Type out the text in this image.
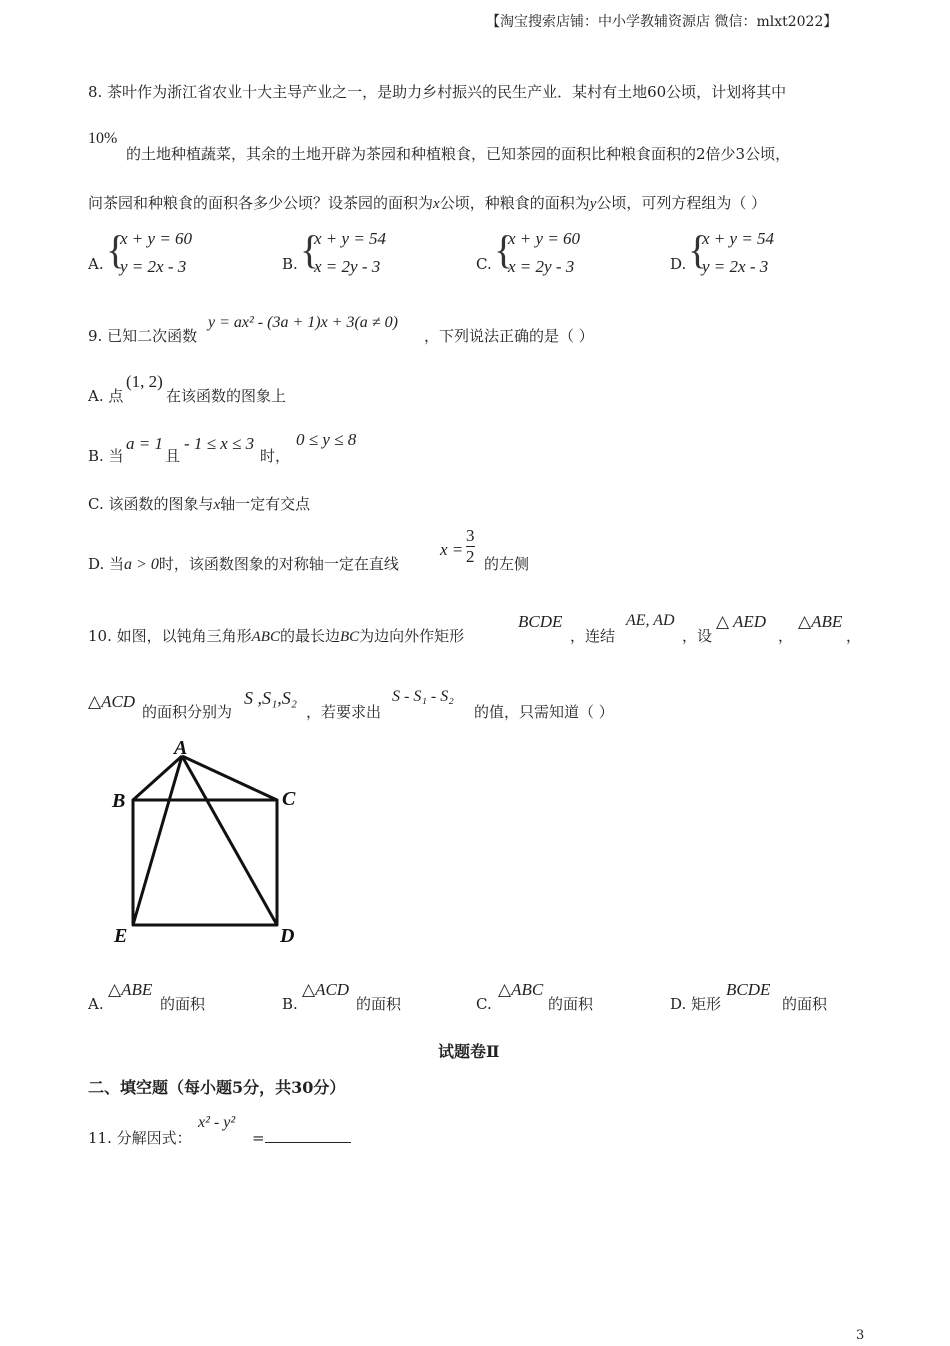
【淘宝搜索店铺：中小学教辅资源店 微信：mlxt2022】
8. 茶叶作为浙江省农业十大主导产业之一，是助力乡村振兴的民生产业．某村有土地60公顷，计划将其中
10%
的土地种植蔬菜，其余的土地开辟为茶园和种植粮食，已知茶园的面积比种粮食面积的2倍少3公顷，
问茶园和种粮食的面积各多少公顷？设茶园的面积为x公顷，种粮食的面积为y公顷，可列方程组为（ ）
A. {
x + y = 60
y = 2x - 3	B. {
x + y = 54
x = 2y - 3	C. {
x + y = 60
x = 2y - 3	D. {
x + y = 54
y = 2x - 3
9. 已知二次函数
y = ax² - (3a + 1)x + 3(a ≠ 0)
，下列说法正确的是（ ）
A. 点
(1, 2)
在该函数的图象上
B. 当
a = 1
且
- 1 ≤ x ≤ 3
时，
0 ≤ y ≤ 8
C. 该函数的图象与x轴一定有交点
D. 当a > 0时，该函数图象的对称轴一定在直线
$x = \frac{3}{2}$ 的左侧
10. 如图，以钝角三角形ABC的最长边BC为边向外作矩形
BCDE
，连结
AE, AD
，设
△ AED
，
△ABE
，
△ACD
的面积分别为
S ,S₁,S₂
，若要求出
S - S₁ - S₂
的值，只需知道（ ）
A
B	C
D
E
A.
△ABE
的面积	B.
△ACD
的面积	C.
△ABC
的面积	D. 矩形
BCDE
的面积
试题卷Ⅱ
二、填空题（每小题5分，共30分）
11. 分解因式：
x² - y²
=
3
